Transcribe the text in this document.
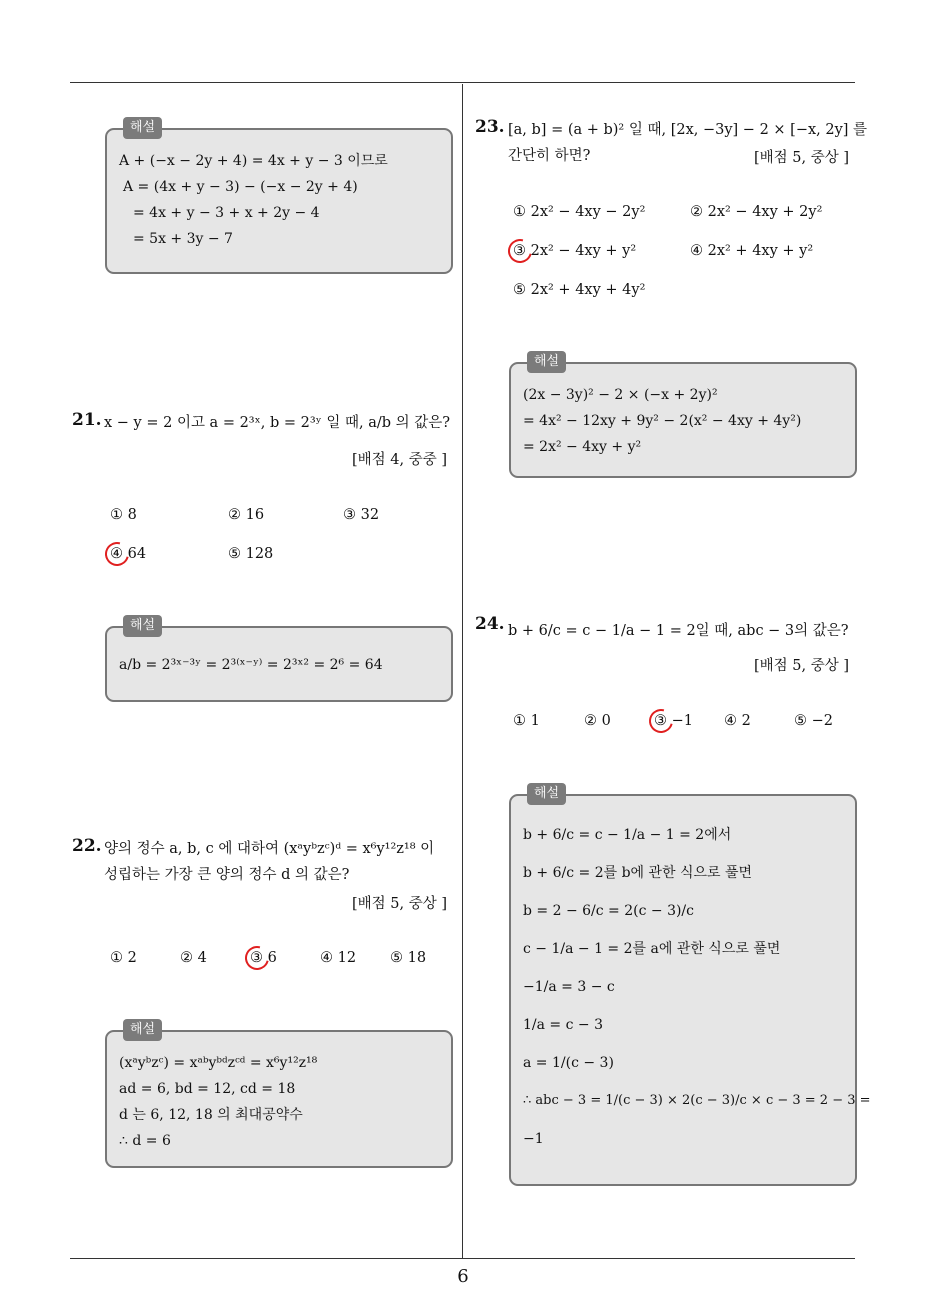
해설
A + (−x − 2y + 4) = 4x + y − 3 이므로
A = (4x + y − 3) − (−x − 2y + 4)
= 4x + y − 3 + x + 2y − 4
= 5x + 3y − 7
21. x − y = 2 이고 a = 2³ˣ, b = 2³ʸ 일 때, a/b 의 값은?
[배점 4, 중중 ]
① 8	② 16	③ 32
④ 64	⑤ 128
해설
a/b = 2³ˣ⁻³ʸ = 2³⁽ˣ⁻ʸ⁾ = 2³ˣ² = 2⁶ = 64
22. 양의 정수 a, b, c 에 대하여 (xᵃyᵇzᶜ)ᵈ = x⁶y¹²z¹⁸ 이
성립하는 가장 큰 양의 정수 d 의 값은?
[배점 5, 중상 ]
① 2	② 4	③ 6	④ 12 ⑤ 18
해설
(xᵃyᵇzᶜ) = xᵃᵇyᵇᵈzᶜᵈ = x⁶y¹²z¹⁸
ad = 6, bd = 12, cd = 18
d 는 6, 12, 18 의 최대공약수
∴ d = 6
23. [a, b] = (a + b)² 일 때, [2x, −3y] − 2 × [−x, 2y] 를
간단히 하면?	[배점 5, 중상 ]
① 2x² − 4xy − 2y²	② 2x² − 4xy + 2y²
③ 2x² − 4xy + y²	④ 2x² + 4xy + y²
⑤ 2x² + 4xy + 4y²
해설
(2x − 3y)² − 2 × (−x + 2y)²
= 4x² − 12xy + 9y² − 2(x² − 4xy + 4y²)
= 2x² − 4xy + y²
24. b + 6/c = c − 1/a − 1 = 2일 때, abc − 3의 값은?
[배점 5, 중상 ]
① 1	② 0	③ −1 ④ 2	⑤ −2
해설
b + 6/c = c − 1/a − 1 = 2에서
b + 6/c = 2를 b에 관한 식으로 풀면
b = 2 − 6/c = 2(c − 3)/c
c − 1/a − 1 = 2를 a에 관한 식으로 풀면
−1/a = 3 − c
1/a = c − 3
a = 1/(c − 3)
∴ abc − 3 = 1/(c − 3) × 2(c − 3)/c × c − 3 = 2 − 3 =
−1
6
